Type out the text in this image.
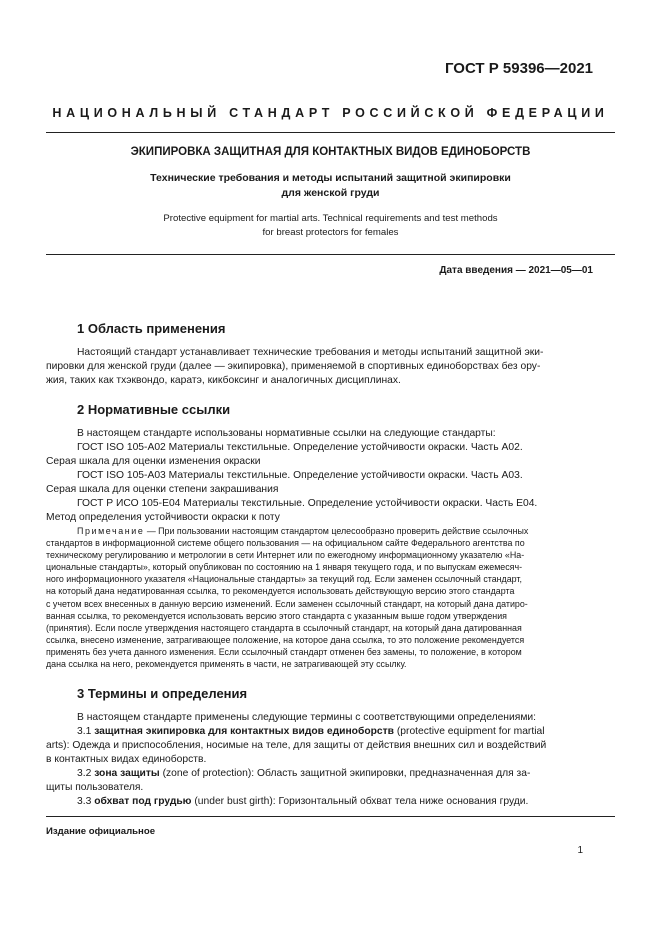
ГОСТ Р 59396—2021
НАЦИОНАЛЬНЫЙ СТАНДАРТ РОССИЙСКОЙ ФЕДЕРАЦИИ
ЭКИПИРОВКА ЗАЩИТНАЯ ДЛЯ КОНТАКТНЫХ ВИДОВ ЕДИНОБОРСТВ
Технические требования и методы испытаний защитной экипировки
для женской груди
Protective equipment for martial arts. Technical requirements and test methods
for breast protectors for females
Дата введения — 2021—05—01
1 Область применения
Настоящий стандарт устанавливает технические требования и методы испытаний защитной эки-
пировки для женской груди (далее — экипировка), применяемой в спортивных единоборствах без ору-
жия, таких как тхэквондо, каратэ, кикбоксинг и аналогичных дисциплинах.
2 Нормативные ссылки
В настоящем стандарте использованы нормативные ссылки на следующие стандарты:
ГОСТ ISO 105-A02 Материалы текстильные. Определение устойчивости окраски. Часть A02.
Серая шкала для оценки изменения окраски
ГОСТ ISO 105-A03 Материалы текстильные. Определение устойчивости окраски. Часть A03.
Серая шкала для оценки степени закрашивания
ГОСТ Р ИСО 105-E04 Материалы текстильные. Определение устойчивости окраски. Часть E04.
Метод определения устойчивости окраски к поту
Примечание — При пользовании настоящим стандартом целесообразно проверить действие ссылочных
стандартов в информационной системе общего пользования — на официальном сайте Федерального агентства по
техническому регулированию и метрологии в сети Интернет или по ежегодному информационному указателю «На-
циональные стандарты», который опубликован по состоянию на 1 января текущего года, и по выпускам ежемесяч-
ного информационного указателя «Национальные стандарты» за текущий год. Если заменен ссылочный стандарт,
на который дана недатированная ссылка, то рекомендуется использовать действующую версию этого стандарта
с учетом всех внесенных в данную версию изменений. Если заменен ссылочный стандарт, на который дана датиро-
ванная ссылка, то рекомендуется использовать версию этого стандарта с указанным выше годом утверждения
(принятия). Если после утверждения настоящего стандарта в ссылочный стандарт, на который дана датированная
ссылка, внесено изменение, затрагивающее положение, на которое дана ссылка, то это положение рекомендуется
применять без учета данного изменения. Если ссылочный стандарт отменен без замены, то положение, в котором
дана ссылка на него, рекомендуется применять в части, не затрагивающей эту ссылку.
3 Термины и определения
В настоящем стандарте применены следующие термины с соответствующими определениями:
3.1 защитная экипировка для контактных видов единоборств (protective equipment for martial
arts): Одежда и приспособления, носимые на теле, для защиты от действия внешних сил и воздействий
в контактных видах единоборств.
3.2 зона защиты (zone of protection): Область защитной экипировки, предназначенная для за-
щиты пользователя.
3.3 обхват под грудью (under bust girth): Горизонтальный обхват тела ниже основания груди.
Издание официальное
1
